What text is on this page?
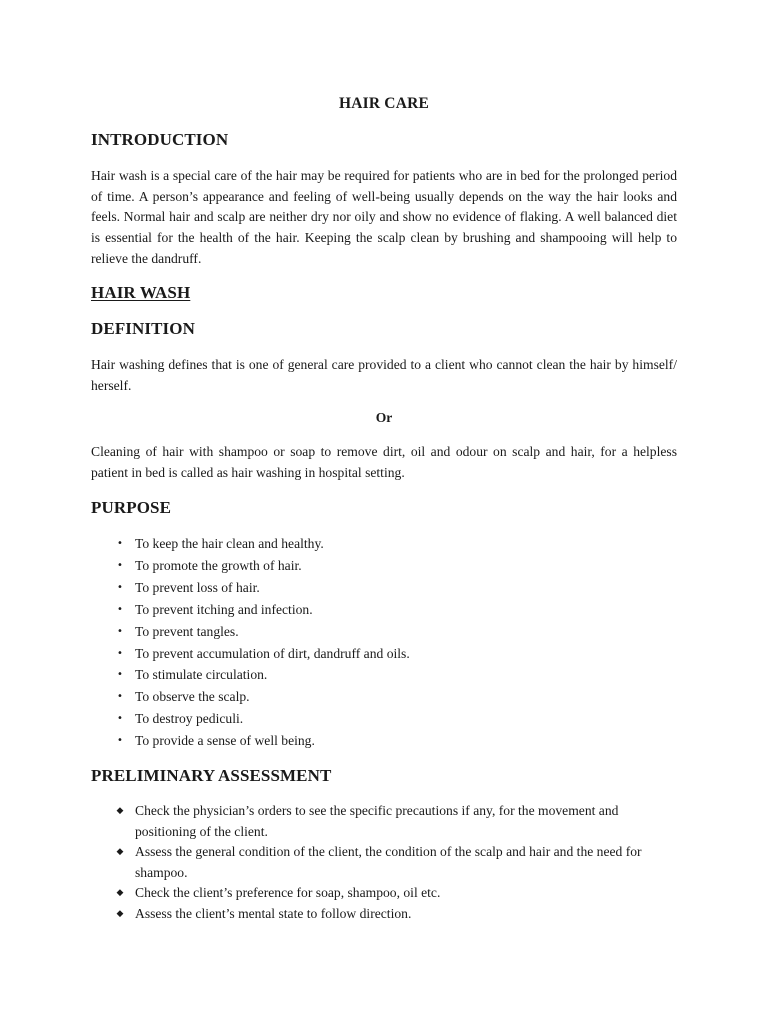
HAIR CARE
INTRODUCTION
Hair wash is a special care of the hair may be required for patients who are in bed for the prolonged period of time. A person’s appearance and feeling of well-being usually depends on the way the hair looks and feels. Normal hair and scalp are neither dry nor oily and show no evidence of flaking. A well balanced diet is essential for the health of the hair. Keeping the scalp clean by brushing and shampooing will help to relieve the dandruff.
HAIR WASH
DEFINITION
Hair washing defines that is one of general care provided to a client who cannot clean the hair by himself/ herself.
Or
Cleaning of hair with shampoo or soap to remove dirt, oil and odour on scalp and hair, for a helpless patient in bed is called as hair washing in hospital setting.
PURPOSE
• To keep the hair clean and healthy.
• To promote the growth of hair.
• To prevent loss of hair.
• To prevent itching and infection.
• To prevent tangles.
• To prevent accumulation of dirt, dandruff and oils.
• To stimulate circulation.
• To observe the scalp.
• To destroy pediculi.
• To provide a sense of well being.
PRELIMINARY ASSESSMENT
◆ Check the physician’s orders to see the specific precautions if any, for the movement and positioning of the client.
◆ Assess the general condition of the client, the condition of the scalp and hair and the need for shampoo.
◆ Check the client’s preference for soap, shampoo, oil etc.
◆ Assess the client’s mental state to follow direction.
